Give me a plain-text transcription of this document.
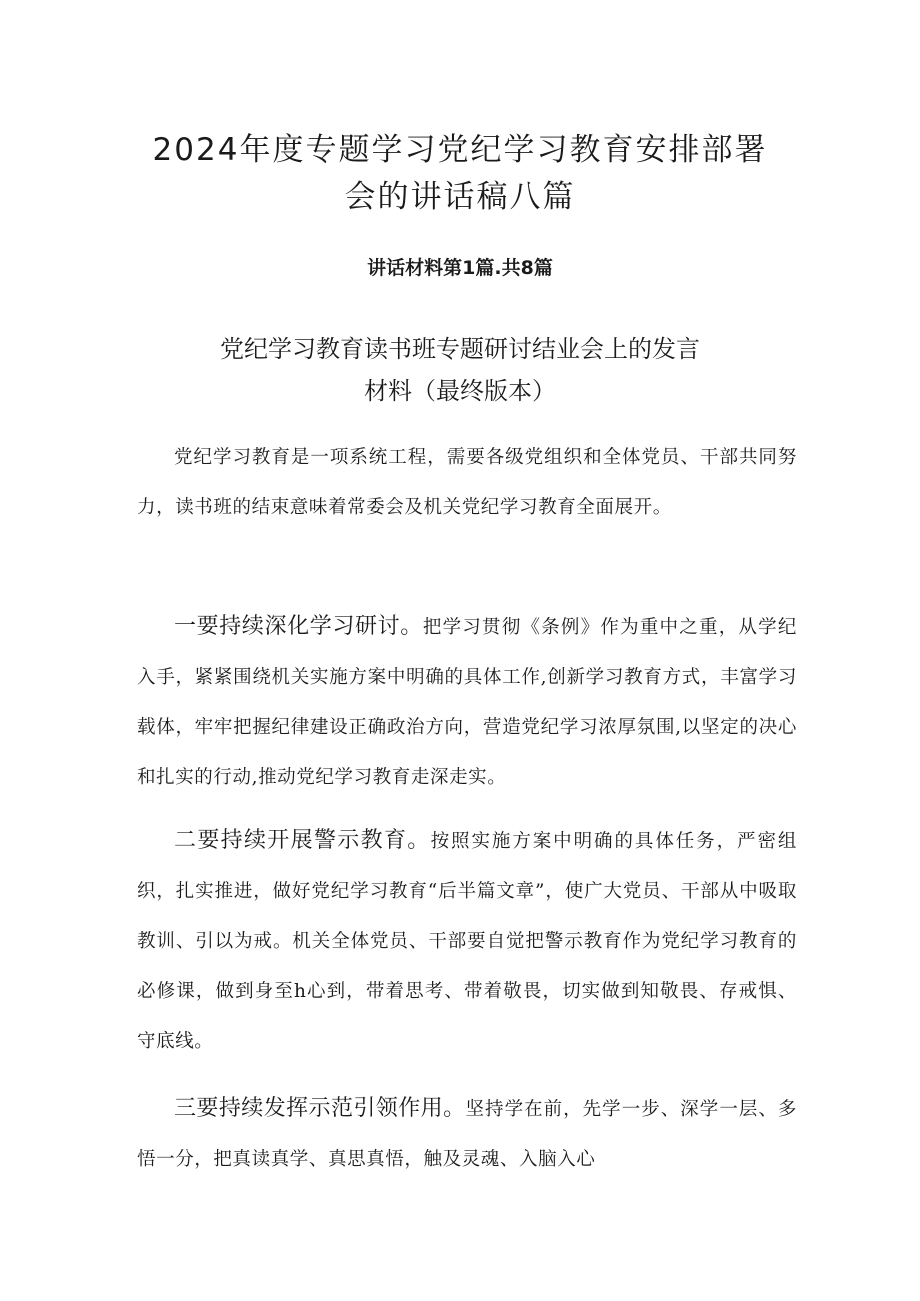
2024年度专题学习党纪学习教育安排部署
会的讲话稿八篇
讲话材料第1篇.共8篇
党纪学习教育读书班专题研讨结业会上的发言
材料（最终版本）

党纪学习教育是一项系统工程，需要各级党组织和全体党员、干部共同努力，读书班的结束意味着常委会及机关党纪学习教育全面展开。

一要持续深化学习研讨。把学习贯彻《条例》作为重中之重，从学纪入手，紧紧围绕机关实施方案中明确的具体工作,创新学习教育方式，丰富学习载体，牢牢把握纪律建设正确政治方向，营造党纪学习浓厚氛围,以坚定的决心和扎实的行动,推动党纪学习教育走深走实。

二要持续开展警示教育。按照实施方案中明确的具体任务，严密组织，扎实推进，做好党纪学习教育“后半篇文章”，使广大党员、干部从中吸取教训、引以为戒。机关全体党员、干部要自觉把警示教育作为党纪学习教育的必修课，做到身至h心到，带着思考、带着敬畏，切实做到知敬畏、存戒惧、守底线。

三要持续发挥示范引领作用。坚持学在前，先学一步、深学一层、多悟一分，把真读真学、真思真悟，触及灵魂、入脑入心
